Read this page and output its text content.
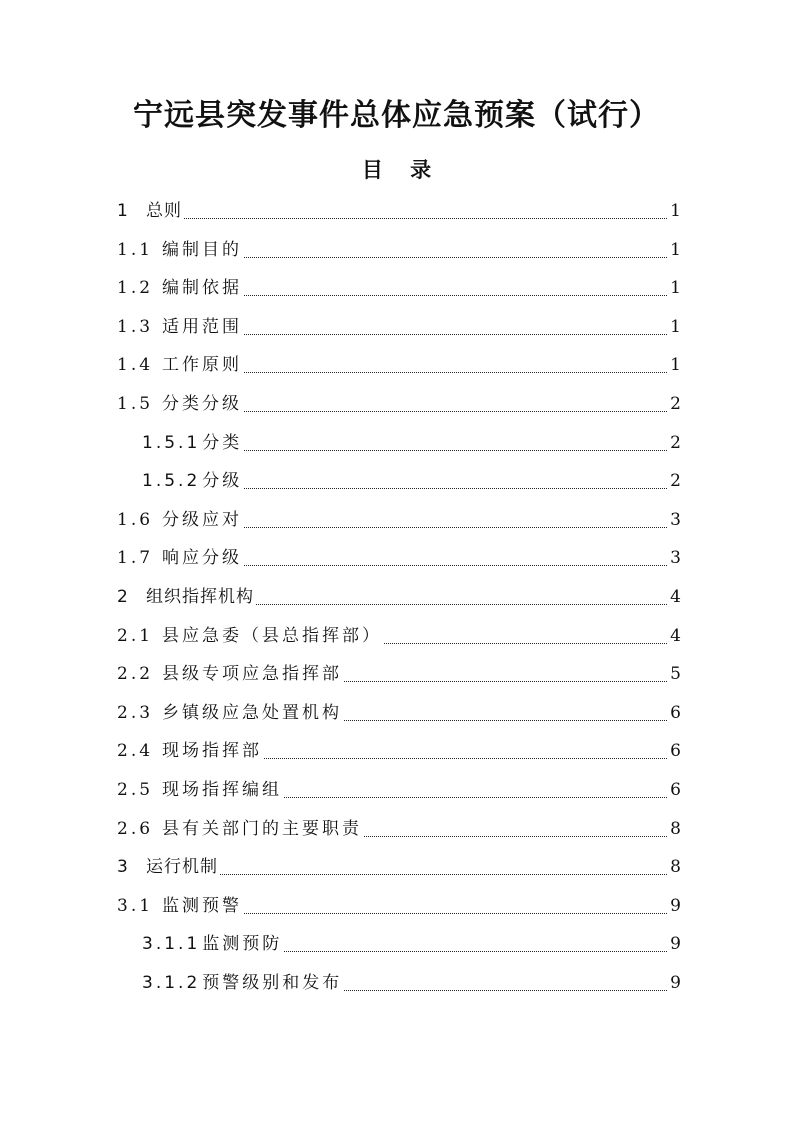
宁远县突发事件总体应急预案（试行）
目 录
1	总则	1
1.1 编制目的	1
1.2 编制依据	1
1.3 适用范围	1
1.4 工作原则	1
1.5 分类分级	2
1.5.1 分类	2
1.5.2 分级	2
1.6 分级应对	3
1.7 响应分级	3
2	组织指挥机构	4
2.1 县应急委（县总指挥部）	4
2.2 县级专项应急指挥部	5
2.3 乡镇级应急处置机构	6
2.4 现场指挥部	6
2.5 现场指挥编组	6
2.6 县有关部门的主要职责	8
3	运行机制	8
3.1 监测预警	9
3.1.1 监测预防	9
3.1.2 预警级别和发布	9
